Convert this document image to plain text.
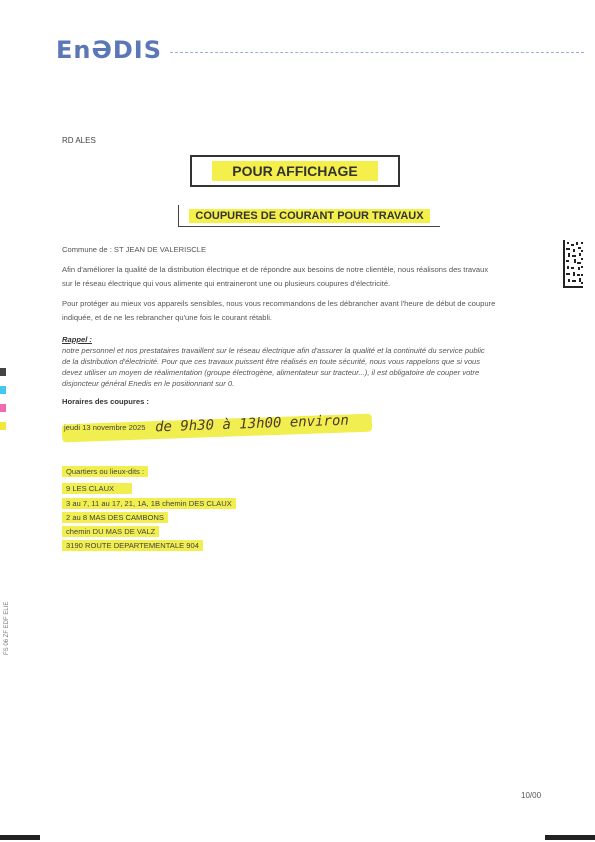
EnƏDIS
RD ALES
POUR AFFICHAGE
COUPURES DE COURANT POUR TRAVAUX
Commune de : ST JEAN DE VALERISCLE
Afin d'améliorer la qualité de la distribution électrique et de répondre aux besoins de notre clientèle, nous réalisons des travaux
sur le réseau électrique qui vous alimente qui entraineront une ou plusieurs coupures d'électricité.
Pour protéger au mieux vos appareils sensibles, nous vous recommandons de les débrancher avant l'heure de début de coupure
indiquée, et de ne les rebrancher qu'une fois le courant rétabli.
Rappel :
notre personnel et nos prestataires travaillent sur le réseau électrique afin d'assurer la qualité et la continuité du service public
de la distribution d'électricité. Pour que ces travaux puissent être réalisés en toute sécurité, nous vous rappelons que si vous
devez utiliser un moyen de réalimentation (groupe électrogène, alimentateur sur tracteur...), il est obligatoire de couper votre
disjoncteur général Enedis en le positionnant sur 0.
Horaires des coupures :
jeudi 13 novembre 2025 de 9h30 à 13h00 environ
Quartiers ou lieux-dits :
9 LES CLAUX
3 au 7, 11 au 17, 21, 1A, 1B chemin DES CLAUX
2 au 8 MAS DES CAMBONS
chemin DU MAS DE VALZ
3190 ROUTE DEPARTEMENTALE 904
FS 06 ZF EDF ELIE
10/00
